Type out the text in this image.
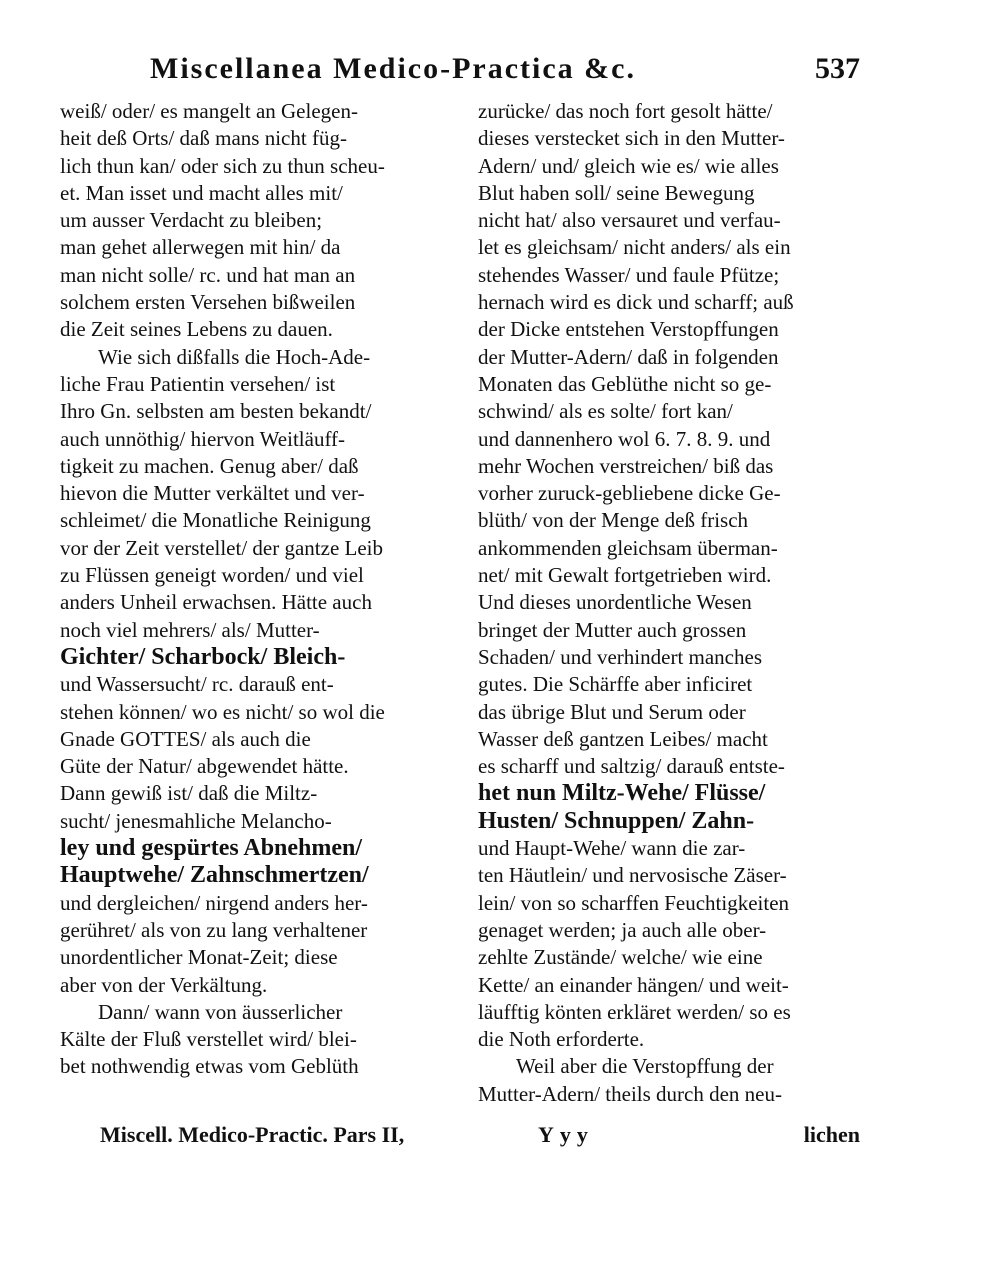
Miscellanea Medico-Practica &c.	537
weiß/ oder/ es mangelt an Gelegen-
heit deß Orts/ daß mans nicht füg-
lich thun kan/ oder sich zu thun scheu-
et. Man isset und macht alles mit/
um ausser Verdacht zu bleiben;
man gehet allerwegen mit hin/ da
man nicht solle/ rc. und hat man an
solchem ersten Versehen bißweilen
die Zeit seines Lebens zu dauen.
Wie sich dißfalls die Hoch-Ade-
liche Frau Patientin versehen/ ist
Ihro Gn. selbsten am besten bekandt/
auch unnöthig/ hiervon Weitläuff-
tigkeit zu machen. Genug aber/ daß
hievon die Mutter verkältet und ver-
schleimet/ die Monatliche Reinigung
vor der Zeit verstellet/ der gantze Leib
zu Flüssen geneigt worden/ und viel
anders Unheil erwachsen. Hätte auch
noch viel mehrers/ als/ Mutter-
Gichter/ Scharbock/ Bleich-
und Wassersucht/ rc. darauß ent-
stehen können/ wo es nicht/ so wol die
Gnade GOTTES/ als auch die
Güte der Natur/ abgewendet hätte.
Dann gewiß ist/ daß die Miltz-
sucht/ jenesmahliche Melancho-
ley und gespürtes Abnehmen/
Hauptwehe/ Zahnschmertzen/
und dergleichen/ nirgend anders her-
gerühret/ als von zu lang verhaltener
unordentlicher Monat-Zeit; diese
aber von der Verkältung.
Dann/ wann von äusserlicher
Kälte der Fluß verstellet wird/ blei-
bet nothwendig etwas vom Geblüth
zurücke/ das noch fort gesolt hätte/
dieses verstecket sich in den Mutter-
Adern/ und/ gleich wie es/ wie alles
Blut haben soll/ seine Bewegung
nicht hat/ also versauret und verfau-
let es gleichsam/ nicht anders/ als ein
stehendes Wasser/ und faule Pfütze;
hernach wird es dick und scharff; auß
der Dicke entstehen Verstopffungen
der Mutter-Adern/ daß in folgenden
Monaten das Geblüthe nicht so ge-
schwind/ als es solte/ fort kan/
und dannenhero wol 6. 7. 8. 9. und
mehr Wochen verstreichen/ biß das
vorher zuruck-gebliebene dicke Ge-
blüth/ von der Menge deß frisch
ankommenden gleichsam überman-
net/ mit Gewalt fortgetrieben wird.
Und dieses unordentliche Wesen
bringet der Mutter auch grossen
Schaden/ und verhindert manches
gutes. Die Schärffe aber inficiret
das übrige Blut und Serum oder
Wasser deß gantzen Leibes/ macht
es scharff und saltzig/ darauß entste-
het nun Miltz-Wehe/ Flüsse/
Husten/ Schnuppen/ Zahn-
und Haupt-Wehe/ wann die zar-
ten Häutlein/ und nervosische Zäser-
lein/ von so scharffen Feuchtigkeiten
genaget werden; ja auch alle ober-
zehlte Zustände/ welche/ wie eine
Kette/ an einander hängen/ und weit-
läufftig könten erkläret werden/ so es
die Noth erforderte.
Weil aber die Verstopffung der
Mutter-Adern/ theils durch den neu-
Miscell. Medico-Practic. Pars II,	Yyy	lichen
